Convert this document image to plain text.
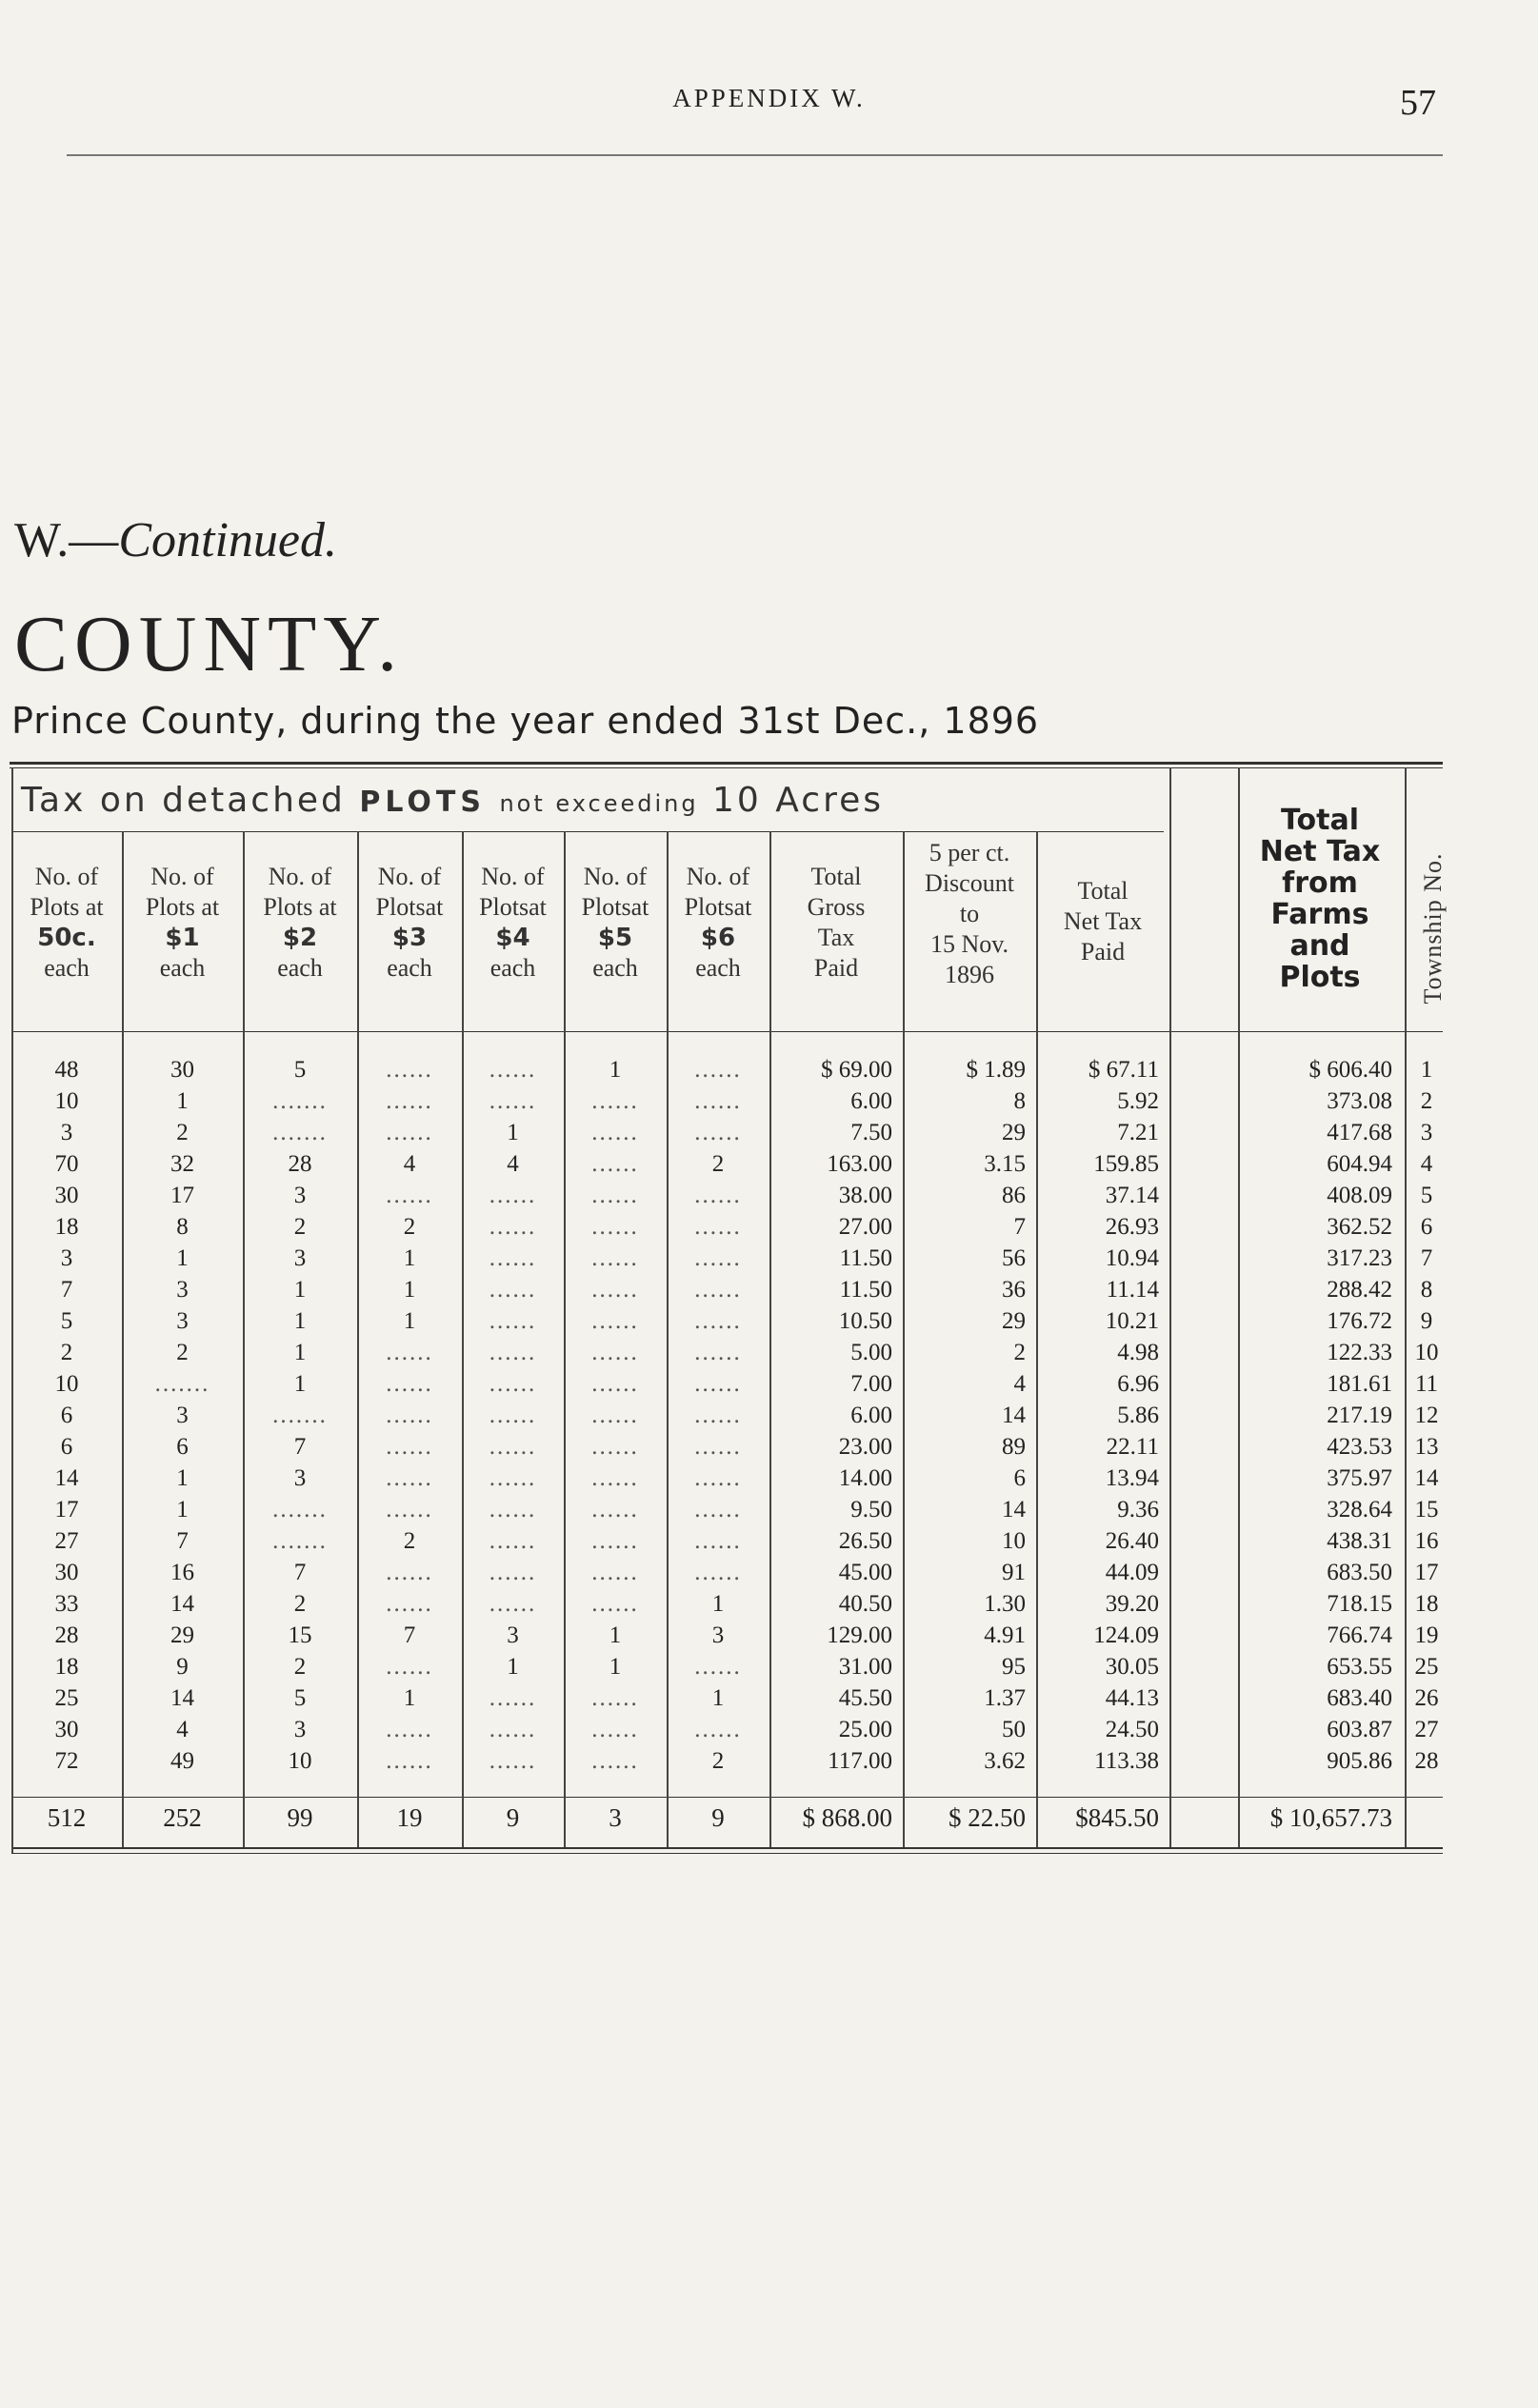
APPENDIX W.	57
W.—Continued.
COUNTY.
Prince County, during the year ended 31st Dec., 1896
Tax on detached PLOTS not exceeding 10 Acres
No. of
Plots at
50c.
each
No. of
Plots at
$1
each
No. of
Plots at
$2
each
No. of
Plotsat
$3
each
No. of
Plotsat
$4
each
No. of
Plotsat
$5
each
No. of
Plotsat
$6
each
Total
Gross
Tax
Paid
5 per ct.
Discount
to
15 Nov.
1896
Total
Net Tax
Paid
Total
Net Tax
from
Farms
and
Plots	Township No.
48	30	5	......	......	1	......	$ 69.00	$ 1.89	$ 67.11	$ 606.40	1
10	1	.......	......	......	......	......	6.00	8	5.92	373.08	2
3	2	.......	......	1	......	......	7.50	29	7.21	417.68	3
70	32	28	4	4	......	2	163.00	3.15	159.85	604.94	4
30	17	3	......	......	......	......	38.00	86	37.14	408.09	5
18	8	2	2	......	......	......	27.00	7	26.93	362.52	6
3	1	3	1	......	......	......	11.50	56	10.94	317.23	7
7	3	1	1	......	......	......	11.50	36	11.14	288.42	8
5	3	1	1	......	......	......	10.50	29	10.21	176.72	9
2	2	1	......	......	......	......	5.00	2	4.98	122.33 10
10	.......	1	......	......	......	......	7.00	4	6.96	181.61 11
6	3	.......	......	......	......	......	6.00	14	5.86	217.19 12
6	6	7	......	......	......	......	23.00	89	22.11	423.53 13
14	1	3	......	......	......	......	14.00	6	13.94	375.97 14
17	1	.......	......	......	......	......	9.50	14	9.36	328.64 15
27	7	.......	2	......	......	......	26.50	10	26.40	438.31 16
30	16	7	......	......	......	......	45.00	91	44.09	683.50 17
33	14	2	......	......	......	1	40.50	1.30	39.20	718.15 18
28	29	15	7	3	1	3	129.00	4.91	124.09	766.74 19
18	9	2	......	1	1	......	31.00	95	30.05	653.55 25
25	14	5	1	......	......	1	45.50	1.37	44.13	683.40 26
30	4	3	......	......	......	......	25.00	50	24.50	603.87 27
72	49	10	......	......	......	2	117.00	3.62	113.38	905.86 28
512	252	99	19	9	3	9	$ 868.00	$ 22.50	$845.50	$ 10,657.73
